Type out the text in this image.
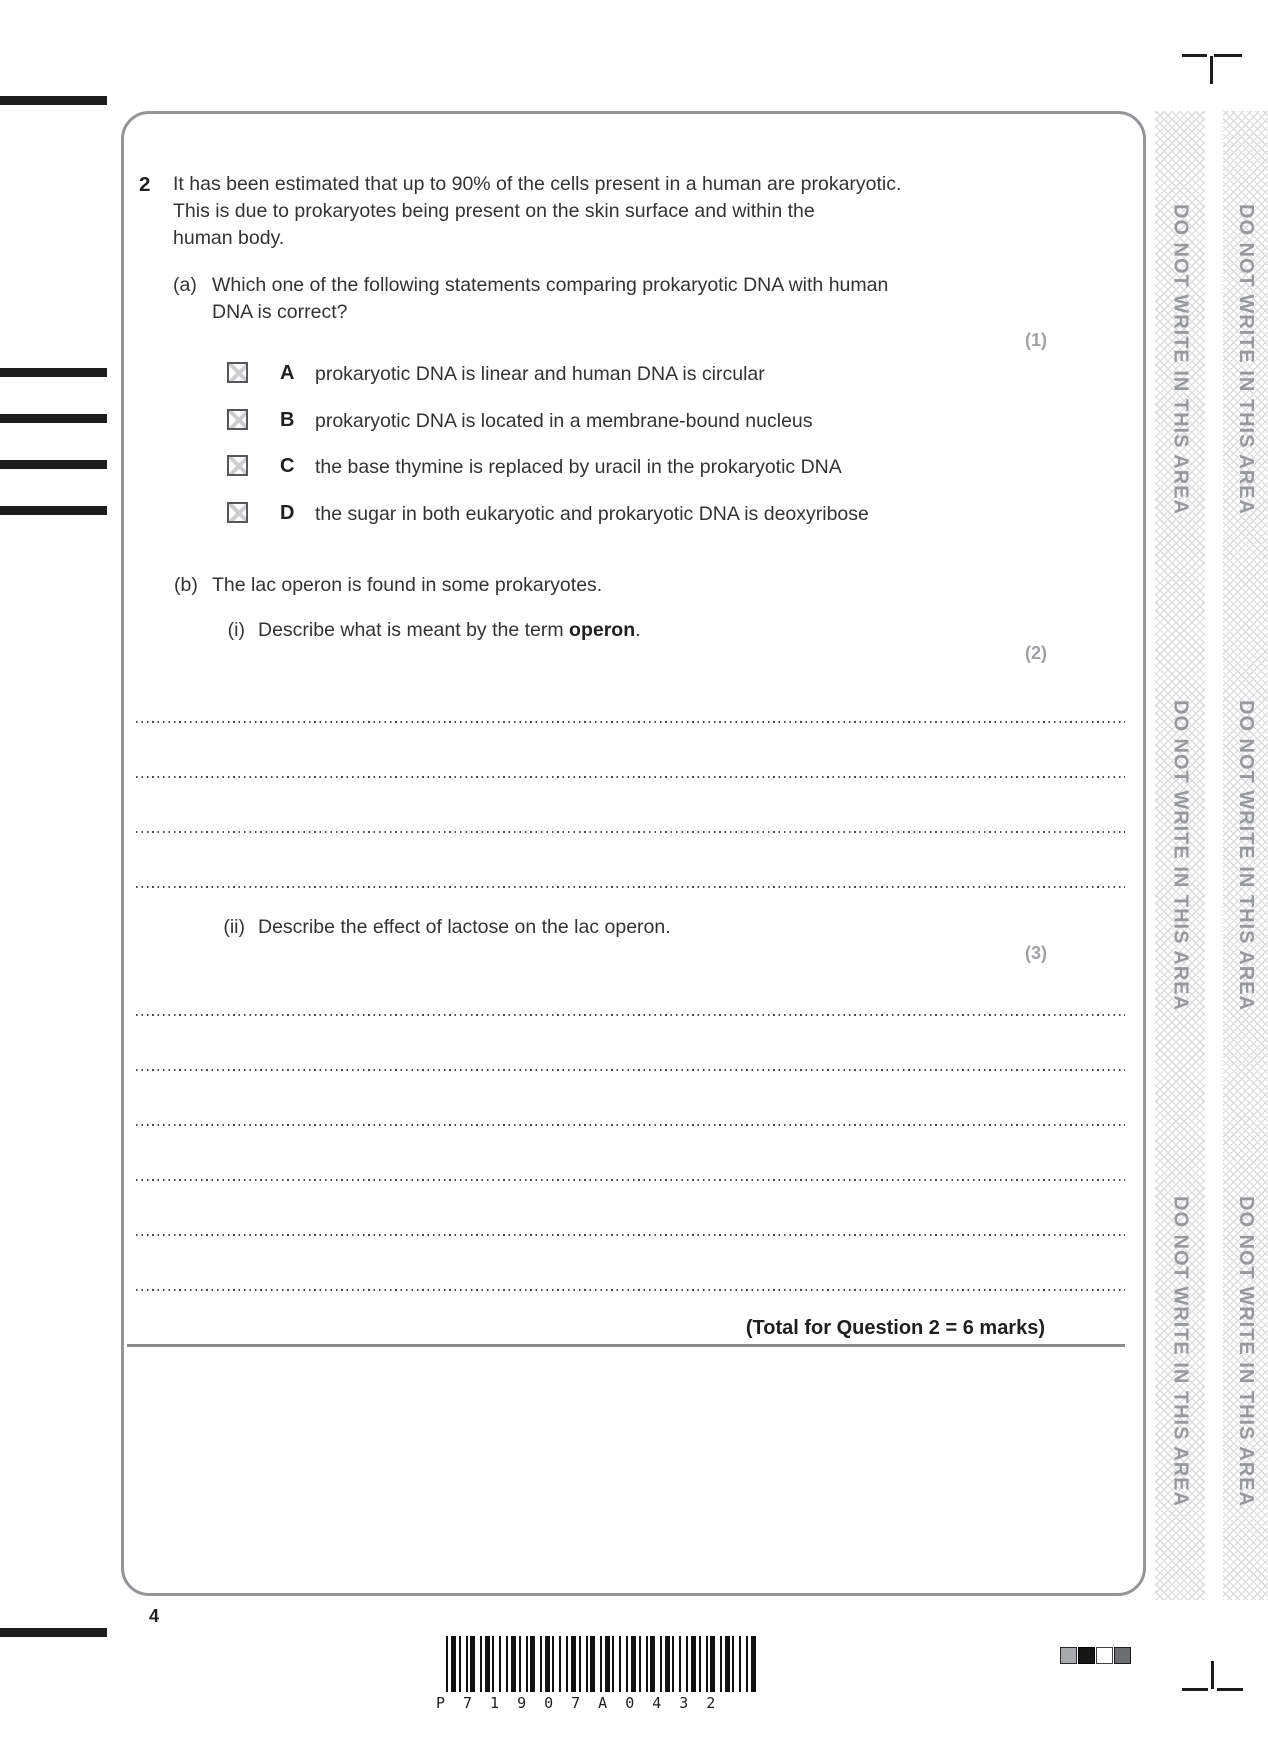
2 It has been estimated that up to 90% of the cells present in a human are prokaryotic.
This is due to prokaryotes being present on the skin surface and within the
human body.
(a) Which one of the following statements comparing prokaryotic DNA with human
DNA is correct?
(1)
A prokaryotic DNA is linear and human DNA is circular
B prokaryotic DNA is located in a membrane-bound nucleus
C the base thymine is replaced by uracil in the prokaryotic DNA
D the sugar in both eukaryotic and prokaryotic DNA is deoxyribose
(b) The lac operon is found in some prokaryotes.
(i) Describe what is meant by the term operon.
(2)
(ii) Describe the effect of lactose on the lac operon.
(3)
(Total for Question 2 = 6 marks)
DO NOT WRITE IN THIS AREA
DO NOT WRITE IN THIS AREA
DO NOT WRITE IN THIS AREA
DO NOT WRITE IN THIS AREA
DO NOT WRITE IN THIS AREA
DO NOT WRITE IN THIS AREA
4
P71907A0432
